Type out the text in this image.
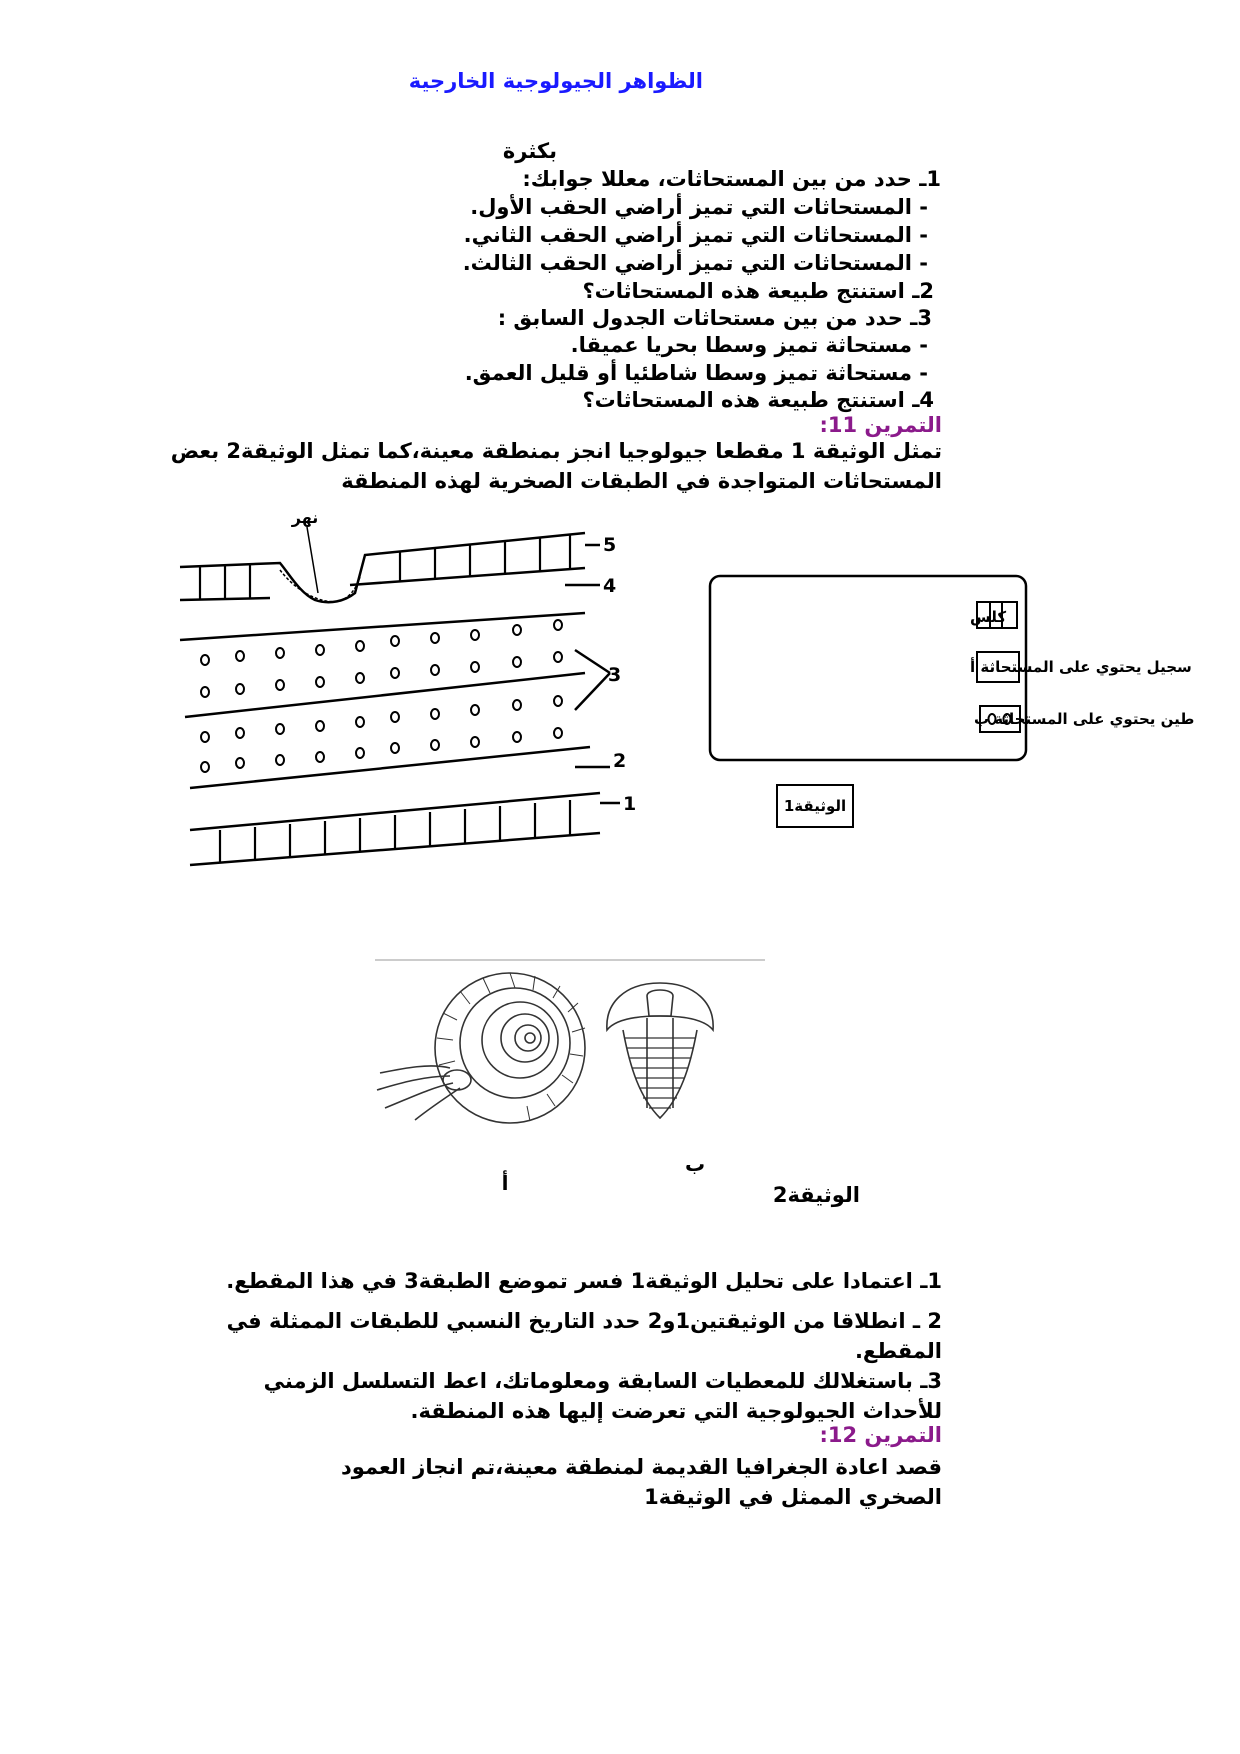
الظواهر الجيولوجية الخارجية
بكثرة
1ـ حدد من بين المستحاثات، معللا جوابك:
- المستحاثات التي تميز أراضي الحقب الأول.
- المستحاثات التي تميز أراضي الحقب الثاني.
- المستحاثات التي تميز أراضي الحقب الثالث.
2ـ استنتج طبيعة هذه المستحاثات؟
3ـ حدد من بين مستحاثات الجدول السابق :
- مستحاثة تميز وسطا بحريا عميقا.
- مستحاثة تميز وسطا شاطئيا أو قليل العمق.
4ـ استنتج طبيعة هذه المستحاثات؟
التمرين 11:
تمثل الوثيقة 1 مقطعا جيولوجيا انجز بمنطقة معينة،كما تمثل الوثيقة2 بعض المستحاثات المتواجدة في الطبقات الصخرية لهذه المنطقة
نهر
5
4
3
2
1
كلس
سجيل يحتوي على المستحاثة أ
طين يحتوي على المستحاثة ب
الوثيقة1
أ
ب
الوثيقة2
1ـ اعتمادا على تحليل الوثيقة1 فسر تموضع الطبقة3 في هذا المقطع.
2 ـ انطلاقا من الوثيقتين1و2 حدد التاريخ النسبي للطبقات الممثلة في المقطع.
3ـ باستغلالك للمعطيات السابقة ومعلوماتك، اعط التسلسل الزمني للأحداث الجيولوجية التي تعرضت إليها هذه المنطقة.
التمرين 12:
قصد اعادة الجغرافيا القديمة لمنطقة معينة،تم انجاز العمود الصخري الممثل في الوثيقة1
